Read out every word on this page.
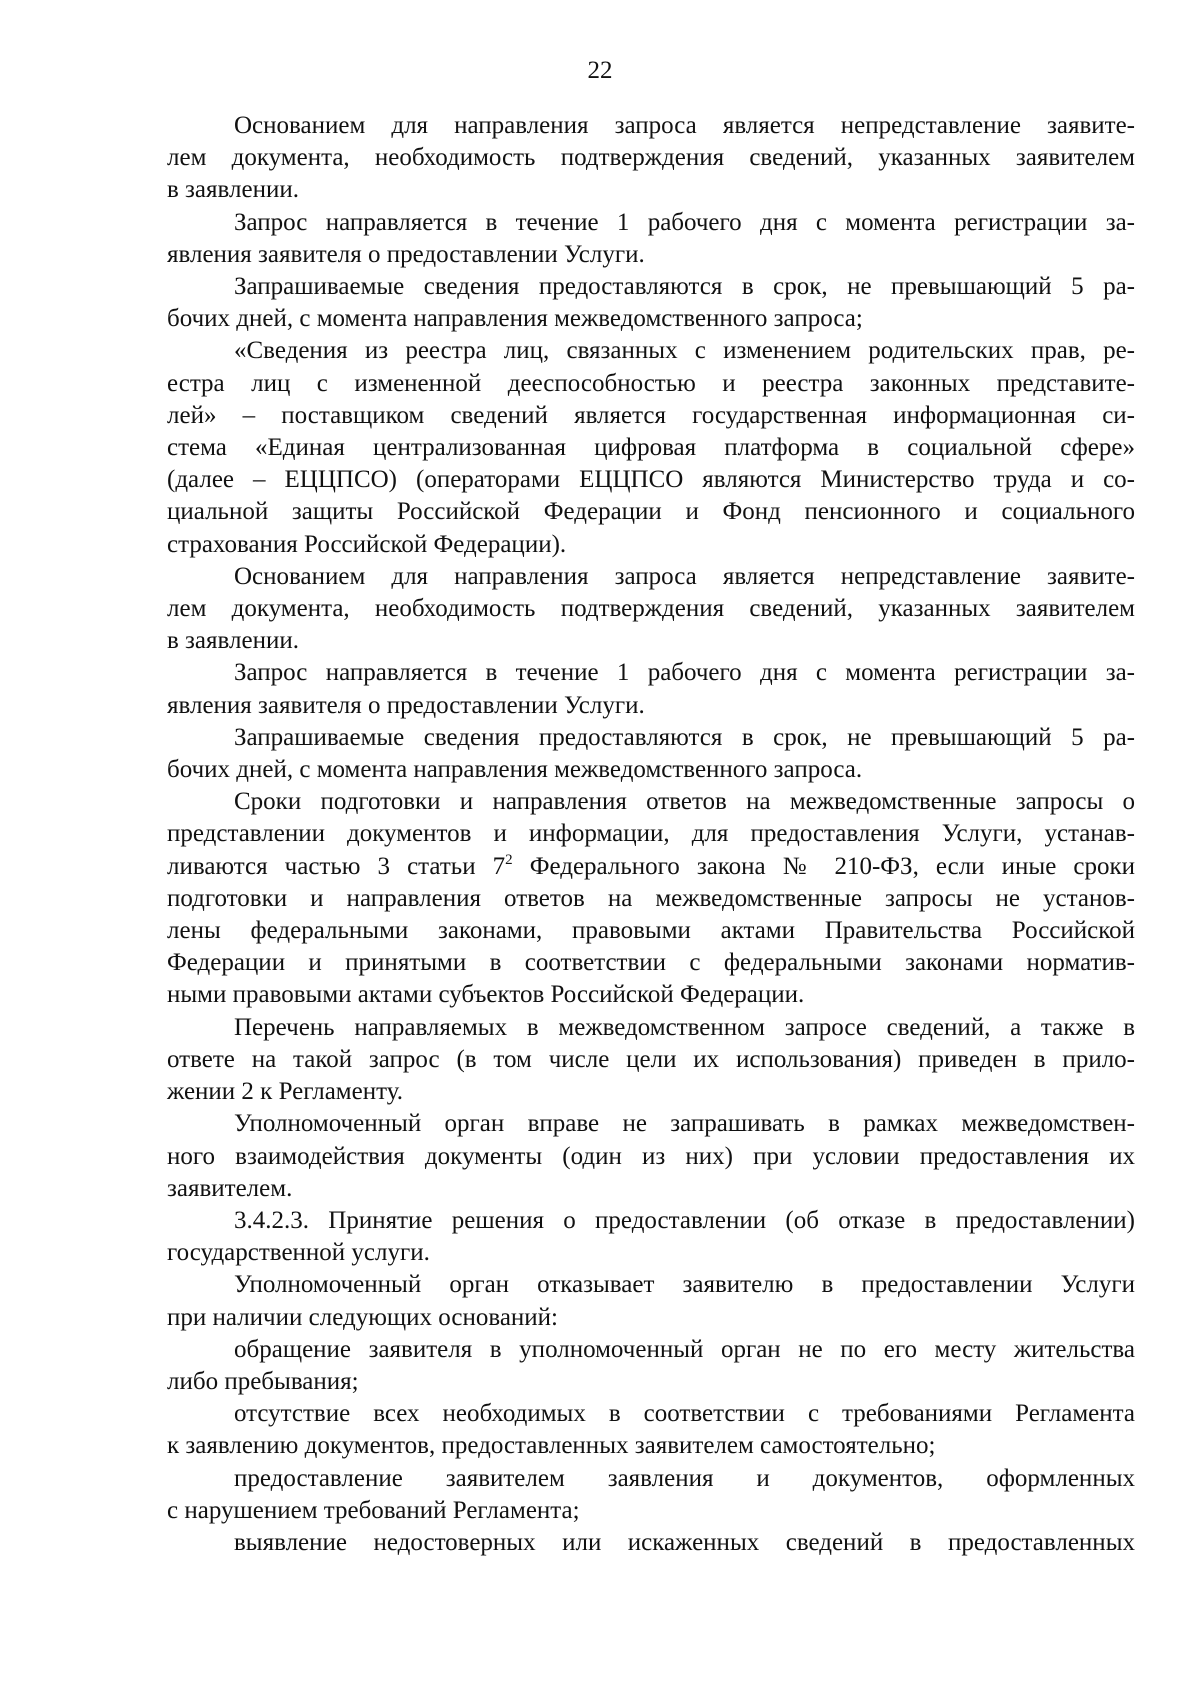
22
Основанием для направления запроса является непредставление заявите-
лем документа, необходимость подтверждения сведений, указанных заявителем
в заявлении.
Запрос направляется в течение 1 рабочего дня с момента регистрации за-
явления заявителя о предоставлении Услуги.
Запрашиваемые сведения предоставляются в срок, не превышающий 5 ра-
бочих дней, с момента направления межведомственного запроса;
«Сведения из реестра лиц, связанных с изменением родительских прав, ре-
естра лиц с измененной дееспособностью и реестра законных представите-
лей» – поставщиком сведений является государственная информационная си-
стема «Единая централизованная цифровая платформа в социальной сфере»
(далее – ЕЦЦПСО) (операторами ЕЦЦПСО являются Министерство труда и со-
циальной защиты Российской Федерации и Фонд пенсионного и социального
страхования Российской Федерации).
Основанием для направления запроса является непредставление заявите-
лем документа, необходимость подтверждения сведений, указанных заявителем
в заявлении.
Запрос направляется в течение 1 рабочего дня с момента регистрации за-
явления заявителя о предоставлении Услуги.
Запрашиваемые сведения предоставляются в срок, не превышающий 5 ра-
бочих дней, с момента направления межведомственного запроса.
Сроки подготовки и направления ответов на межведомственные запросы о
представлении документов и информации, для предоставления Услуги, устанав-
ливаются частью 3 статьи $7^2$ Федерального закона № 210-ФЗ, если иные сроки
подготовки и направления ответов на межведомственные запросы не установ-
лены федеральными законами, правовыми актами Правительства Российской
Федерации и принятыми в соответствии с федеральными законами норматив-
ными правовыми актами субъектов Российской Федерации.
Перечень направляемых в межведомственном запросе сведений, а также в
ответе на такой запрос (в том числе цели их использования) приведен в прило-
жении 2 к Регламенту.
Уполномоченный орган вправе не запрашивать в рамках межведомствен-
ного взаимодействия документы (один из них) при условии предоставления их
заявителем.
3.4.2.3. Принятие решения о предоставлении (об отказе в предоставлении)
государственной услуги.
Уполномоченный орган отказывает заявителю в предоставлении Услуги
при наличии следующих оснований:
обращение заявителя в уполномоченный орган не по его месту жительства
либо пребывания;
отсутствие всех необходимых в соответствии с требованиями Регламента
к заявлению документов, предоставленных заявителем самостоятельно;
предоставление заявителем заявления и документов, оформленных
с нарушением требований Регламента;
выявление недостоверных или искаженных сведений в предоставленных
